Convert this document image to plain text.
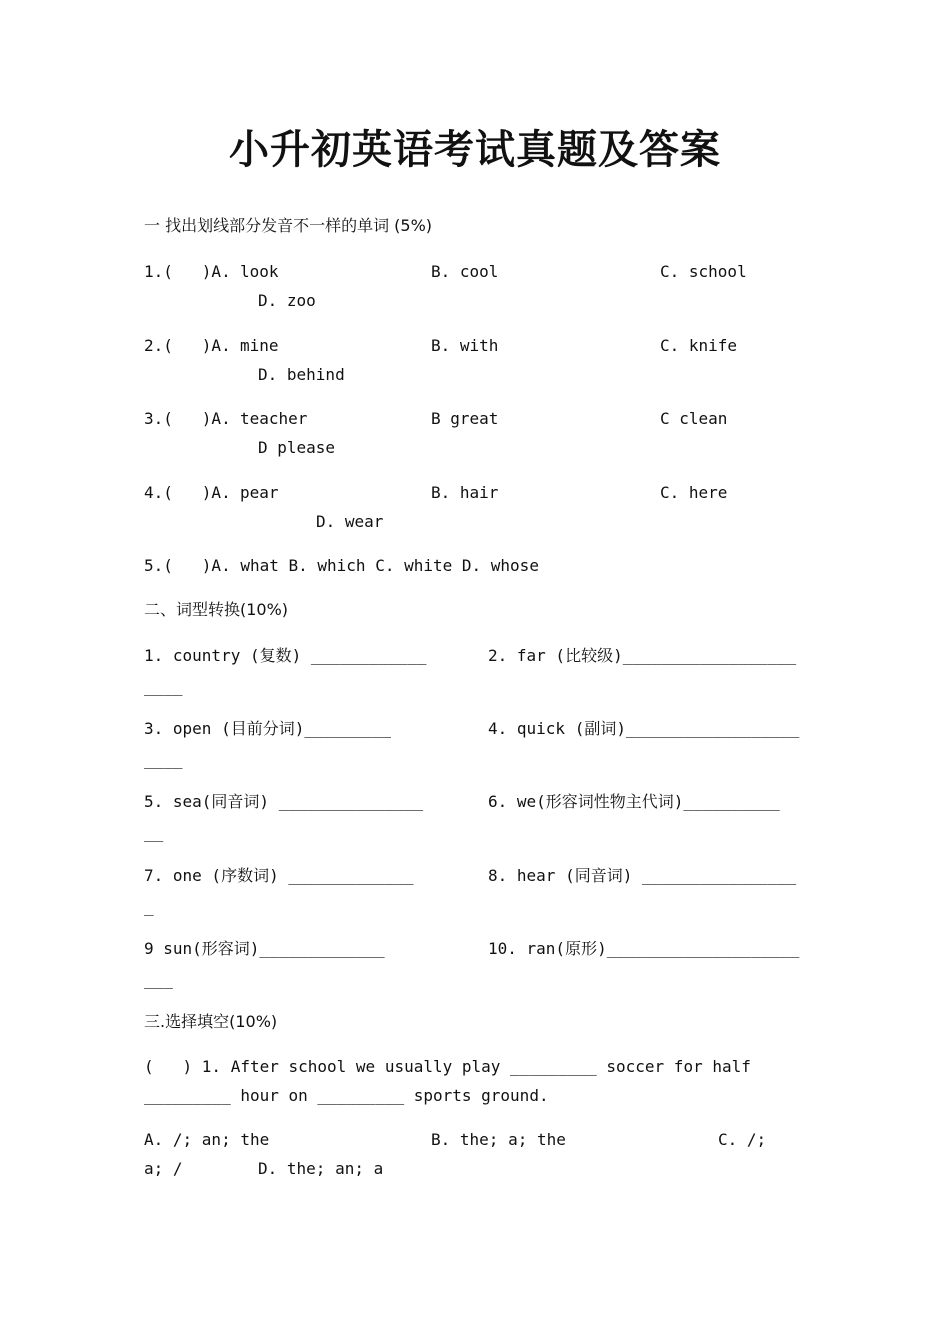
小升初英语考试真题及答案
一 找出划线部分发音不一样的单词 (5%)
1.(   )A. look	B. cool	C. school
D. zoo
2.(   )A. mine	B. with	C. knife
D. behind
3.(   )A. teacher	B great	C clean
D please
4.(   )A. pear	B. hair	C. here
D. wear
5.(   )A. what B. which C. white D. whose
二、词型转换(10%)
1. country (复数) ____________	2. far (比较级)__________________
____
3. open (目前分词)_________	4. quick (副词)__________________
____
5. sea(同音词) _______________	6. we(形容词性物主代词)__________
__
7. one (序数词) _____________	8. hear (同音词) ________________
_
9 sun(形容词)_____________	10. ran(原形)____________________
___
三.选择填空(10%)
(   ) 1. After school we usually play _________ soccer for half
_________ hour on _________ sports ground.
A. /; an; the	B. the; a; the	C. /;
a; /	D. the; an; a
